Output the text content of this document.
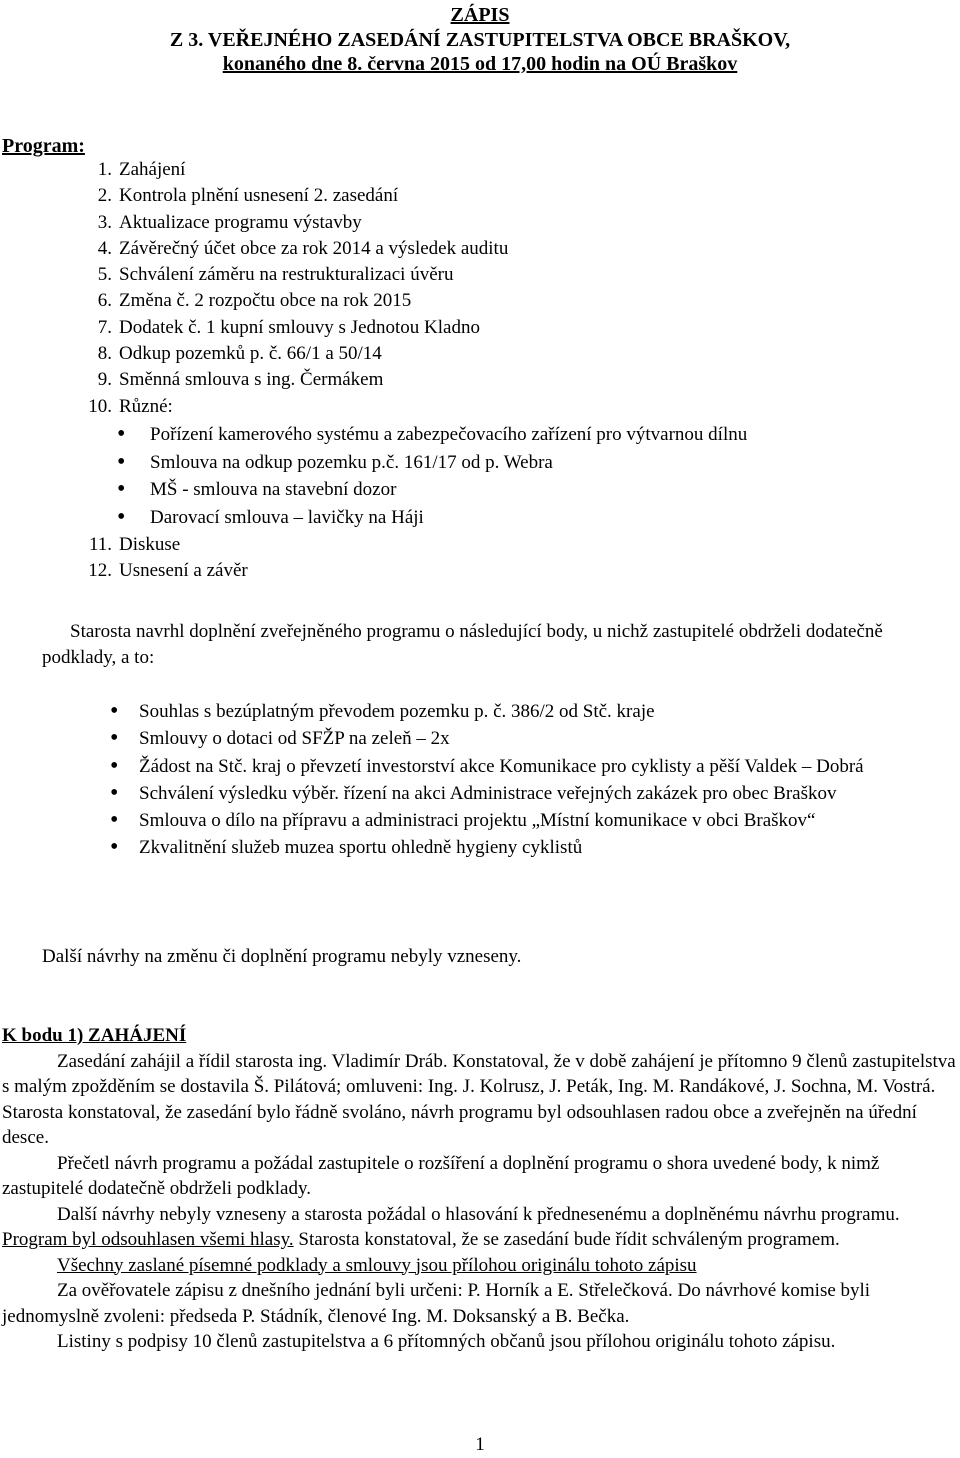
ZÁPIS

Z 3. VEŘEJNÉHO ZASEDÁNÍ ZASTUPITELSTVA OBCE BRAŠKOV,

konaného dne 8. června 2015 od 17,00 hodin na OÚ Braškov

Program:
1. Zahájení
2. Kontrola plnění usnesení 2. zasedání
3. Aktualizace programu výstavby
4. Závěrečný účet obce za rok 2014 a výsledek auditu
5. Schválení záměru na restrukturalizaci úvěru
6. Změna č. 2 rozpočtu obce na rok 2015
7. Dodatek č. 1 kupní smlouvy s Jednotou Kladno
8. Odkup pozemků p. č. 66/1 a 50/14
9. Směnná smlouva s ing. Čermákem
10. Různé:
• Pořízení kamerového systému a zabezpečovacího zařízení pro výtvarnou dílnu
• Smlouva na odkup pozemku p.č. 161/17 od p. Webra
• MŠ - smlouva na stavební dozor
• Darovací smlouva – lavičky na Háji
11. Diskuse
12. Usnesení a závěr
Starosta navrhl doplnění zveřejněného programu o následující body, u nichž zastupitelé obdrželi dodatečně podklady, a to:
• Souhlas s bezúplatným převodem pozemku p. č. 386/2 od Stč. kraje
• Smlouvy o dotaci od SFŽP na zeleň – 2x
• Žádost na Stč. kraj o převzetí investorství akce Komunikace pro cyklisty a pěší Valdek – Dobrá
• Schválení výsledku výběr. řízení na akci Administrace veřejných zakázek pro obec Braškov
• Smlouva o dílo na přípravu a administraci projektu „Místní komunikace v obci Braškov“
• Zkvalitnění služeb muzea sportu ohledně hygieny cyklistů
Další návrhy na změnu či doplnění programu nebyly vzneseny.
K bodu 1) ZAHÁJENÍ
Zasedání zahájil a řídil starosta ing. Vladimír Dráb. Konstatoval, že v době zahájení je přítomno 9 členů zastupitelstva s malým zpožděním se dostavila Š. Pilátová; omluveni: Ing. J. Kolrusz, J. Peták, Ing. M. Randákové, J. Sochna, M. Vostrá. Starosta konstatoval, že zasedání bylo řádně svoláno, návrh programu byl odsouhlasen radou obce a zveřejněn na úřední desce.
Přečetl návrh programu a požádal zastupitele o rozšíření a doplnění programu o shora uvedené body, k nimž zastupitelé dodatečně obdrželi podklady.
Další návrhy nebyly vzneseny a starosta požádal o hlasování k přednesenému a doplněnému návrhu programu. Program byl odsouhlasen všemi hlasy. Starosta konstatoval, že se zasedání bude řídit schváleným programem.
Všechny zaslané písemné podklady a smlouvy jsou přílohou originálu tohoto zápisu
Za ověřovatele zápisu z dnešního jednání byli určeni: P. Horník a E. Střelečková. Do návrhové komise byli jednomyslně zvoleni: předseda P. Stádník, členové Ing. M. Doksanský a B. Bečka.
Listiny s podpisy 10 členů zastupitelstva a 6 přítomných občanů jsou přílohou originálu tohoto zápisu.
1
